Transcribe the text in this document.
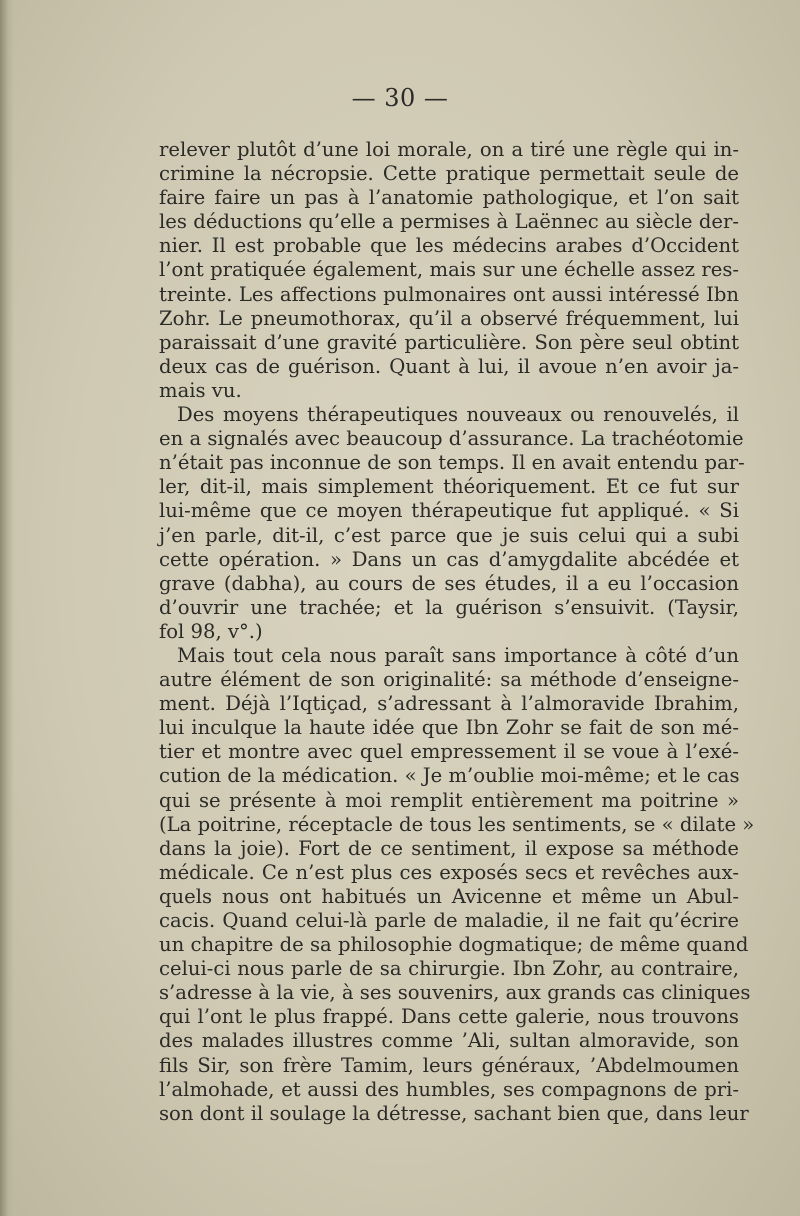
— 30 —
relever plutôt d’une loi morale, on a tiré une règle qui in-
crimine la nécropsie. Cette pratique permettait seule de
faire faire un pas à l’anatomie pathologique, et l’on sait
les déductions qu’elle a permises à Laënnec au siècle der-
nier. Il est probable que les médecins arabes d’Occident
l’ont pratiquée également, mais sur une échelle assez res-
treinte. Les affections pulmonaires ont aussi intéressé Ibn
Zohr. Le pneumothorax, qu’il a observé fréquemment, lui
paraissait d’une gravité particulière. Son père seul obtint
deux cas de guérison. Quant à lui, il avoue n’en avoir ja-
mais vu.
Des moyens thérapeutiques nouveaux ou renouvelés, il
en a signalés avec beaucoup d’assurance. La trachéotomie
n’était pas inconnue de son temps. Il en avait entendu par-
ler, dit-il, mais simplement théoriquement. Et ce fut sur
lui-même que ce moyen thérapeutique fut appliqué. « Si
j’en parle, dit-il, c’est parce que je suis celui qui a subi
cette opération. » Dans un cas d’amygdalite abcédée et
grave (dabha), au cours de ses études, il a eu l’occasion
d’ouvrir une trachée; et la guérison s’ensuivit. (Taysir,
fol 98, v°.)
Mais tout cela nous paraît sans importance à côté d’un
autre élément de son originalité: sa méthode d’enseigne-
ment. Déjà l’Iqtiçad, s’adressant à l’almoravide Ibrahim,
lui inculque la haute idée que Ibn Zohr se fait de son mé-
tier et montre avec quel empressement il se voue à l’exé-
cution de la médication. « Je m’oublie moi-même; et le cas
qui se présente à moi remplit entièrement ma poitrine »
(La poitrine, réceptacle de tous les sentiments, se « dilate »
dans la joie). Fort de ce sentiment, il expose sa méthode
médicale. Ce n’est plus ces exposés secs et revêches aux-
quels nous ont habitués un Avicenne et même un Abul-
cacis. Quand celui-là parle de maladie, il ne fait qu’écrire
un chapitre de sa philosophie dogmatique; de même quand
celui-ci nous parle de sa chirurgie. Ibn Zohr, au contraire,
s’adresse à la vie, à ses souvenirs, aux grands cas cliniques
qui l’ont le plus frappé. Dans cette galerie, nous trouvons
des malades illustres comme ’Ali, sultan almoravide, son
fils Sir, son frère Tamim, leurs généraux, ’Abdelmoumen
l’almohade, et aussi des humbles, ses compagnons de pri-
son dont il soulage la détresse, sachant bien que, dans leur
